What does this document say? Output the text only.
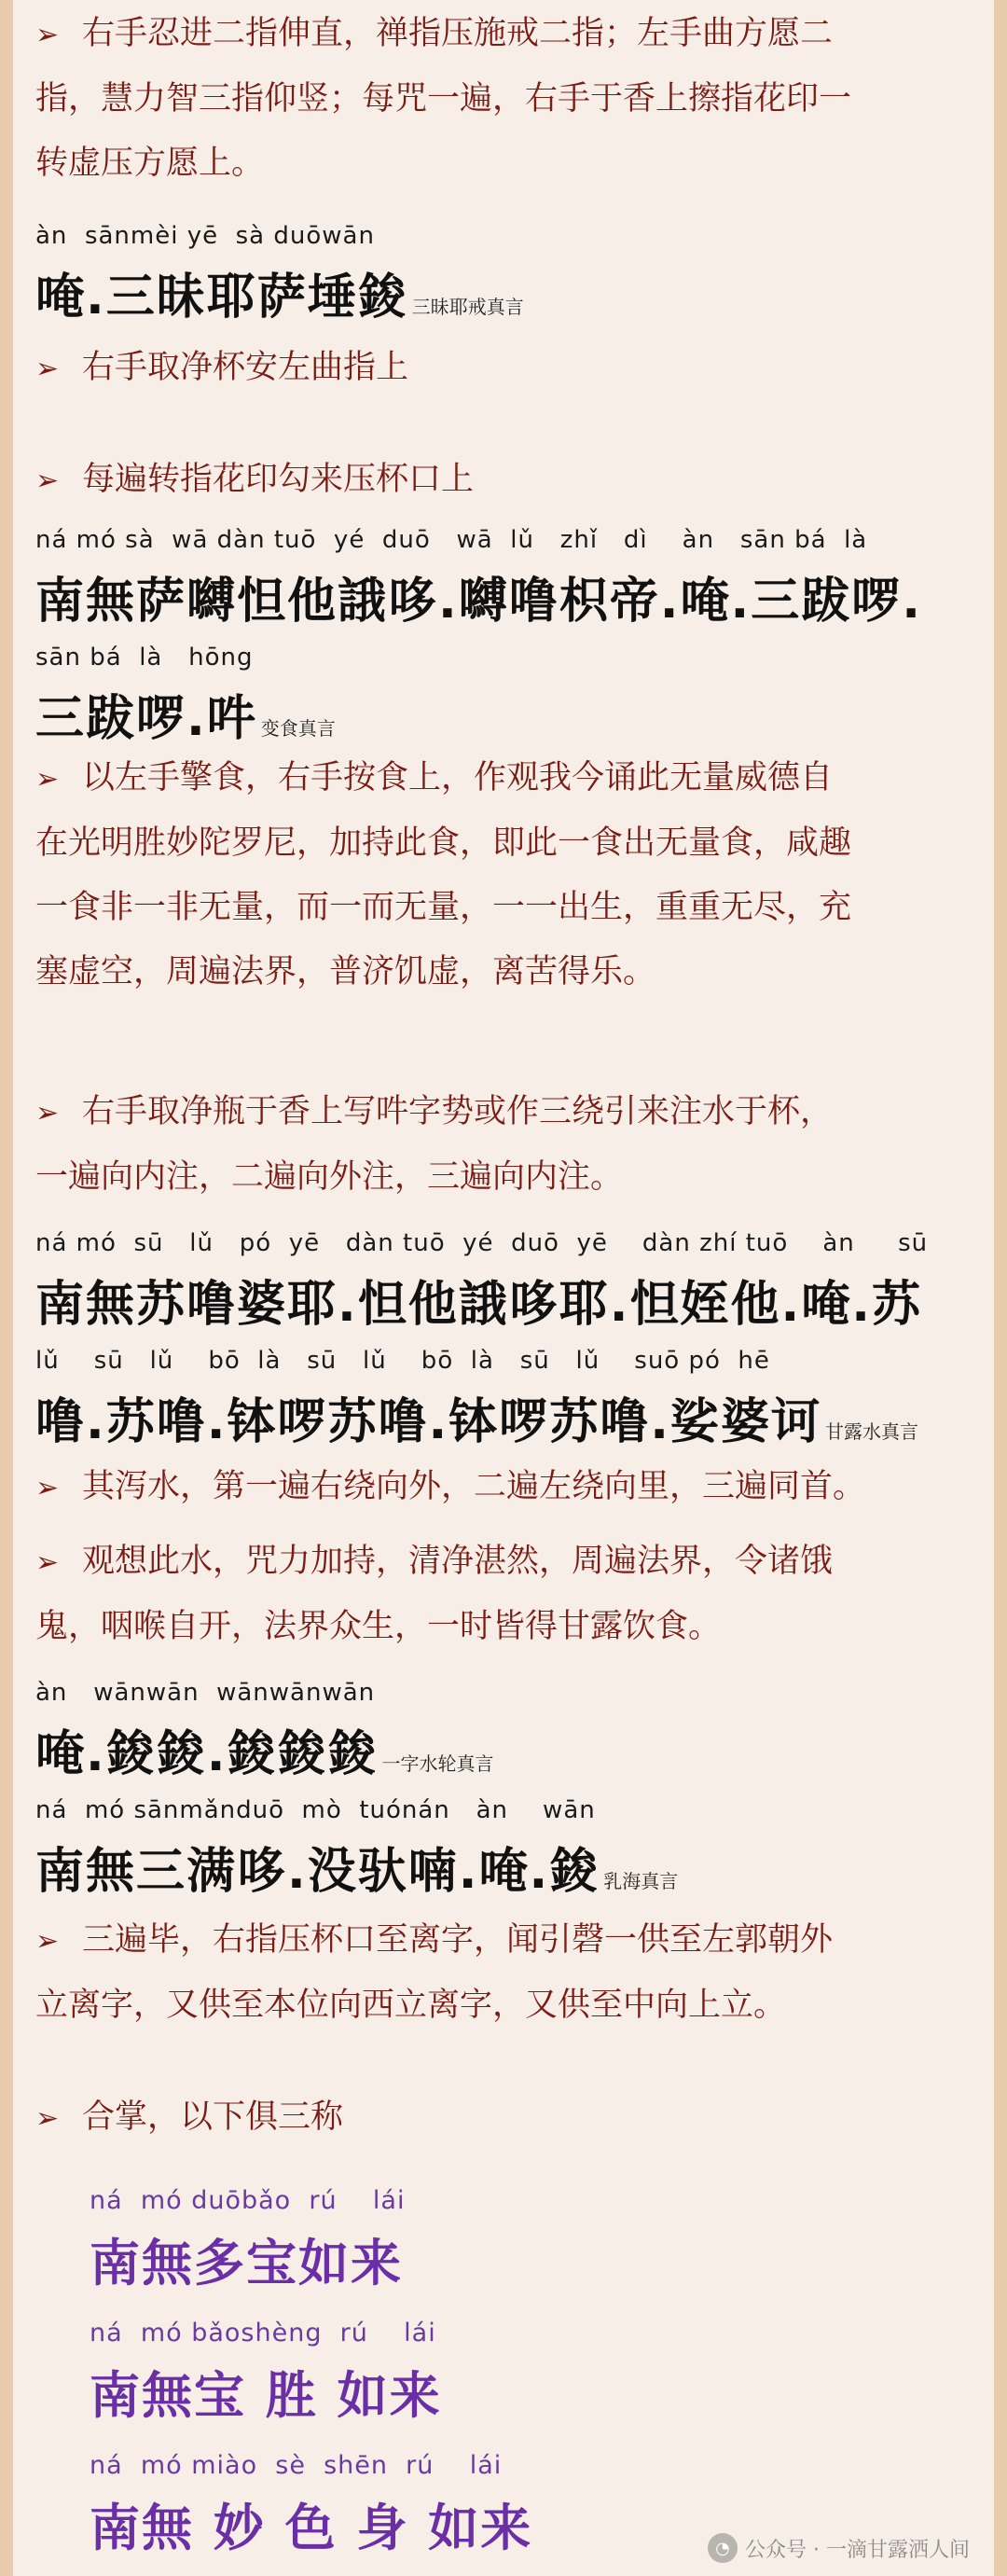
➢ 右手忍进二指伸直，禅指压施戒二指；左手曲方愿二
指，慧力智三指仰竖；每咒一遍，右手于香上擦指花印一
转虚压方愿上。
àn  sānmèi yē  sà duōwān
唵.三昧耶萨埵鋑 三昧耶戒真言
➢ 右手取净杯安左曲指上
➢ 每遍转指花印勾来压杯口上
ná mó sà  wā dàn tuō  yé  duō   wā  lǔ   zhǐ   dì    àn   sān bá  là
南無萨嚩怛他誐哆.嚩噜枳帝.唵.三跋啰.
sān bá  là   hōng
三跋啰.吽 变食真言
➢ 以左手擎食，右手按食上，作观我今诵此无量威德自
在光明胜妙陀罗尼，加持此食，即此一食出无量食，咸趣
一食非一非无量，而一而无量，一一出生，重重无尽，充
塞虚空，周遍法界，普济饥虚，离苦得乐。
➢ 右手取净瓶于香上写吽字势或作三绕引来注水于杯，
一遍向内注，二遍向外注，三遍向内注。
ná mó  sū   lǔ   pó  yē   dàn tuō  yé  duō  yē    dàn zhí tuō    àn     sū
南無苏噜婆耶.怛他誐哆耶.怛姪他.唵.苏
lǔ    sū   lǔ    bō  là   sū   lǔ    bō  là   sū   lǔ    suō pó  hē
噜.苏噜.钵啰苏噜.钵啰苏噜.娑婆诃 甘露水真言
➢ 其泻水，第一遍右绕向外，二遍左绕向里，三遍同首。
➢ 观想此水，咒力加持，清净湛然，周遍法界，令诸饿
鬼，咽喉自开，法界众生，一时皆得甘露饮食。
àn   wānwān  wānwānwān
唵.鋑鋑.鋑鋑鋑 一字水轮真言
ná  mó sānmǎnduō  mò  tuónán   àn    wān
南無三满哆.没驮喃.唵.鋑 乳海真言
➢ 三遍毕，右指压杯口至离字，闻引磬一供至左郭朝外
立离字，又供至本位向西立离字，又供至中向上立。
➢ 合掌，以下俱三称
ná  mó duōbǎo  rú    lái
南無多宝如来
ná  mó bǎoshèng  rú    lái
南無宝 胜 如来
ná  mó miào  sè  shēn  rú    lái
南無 妙 色 身 如来	◔ 公众号 · 一滴甘露洒人间
